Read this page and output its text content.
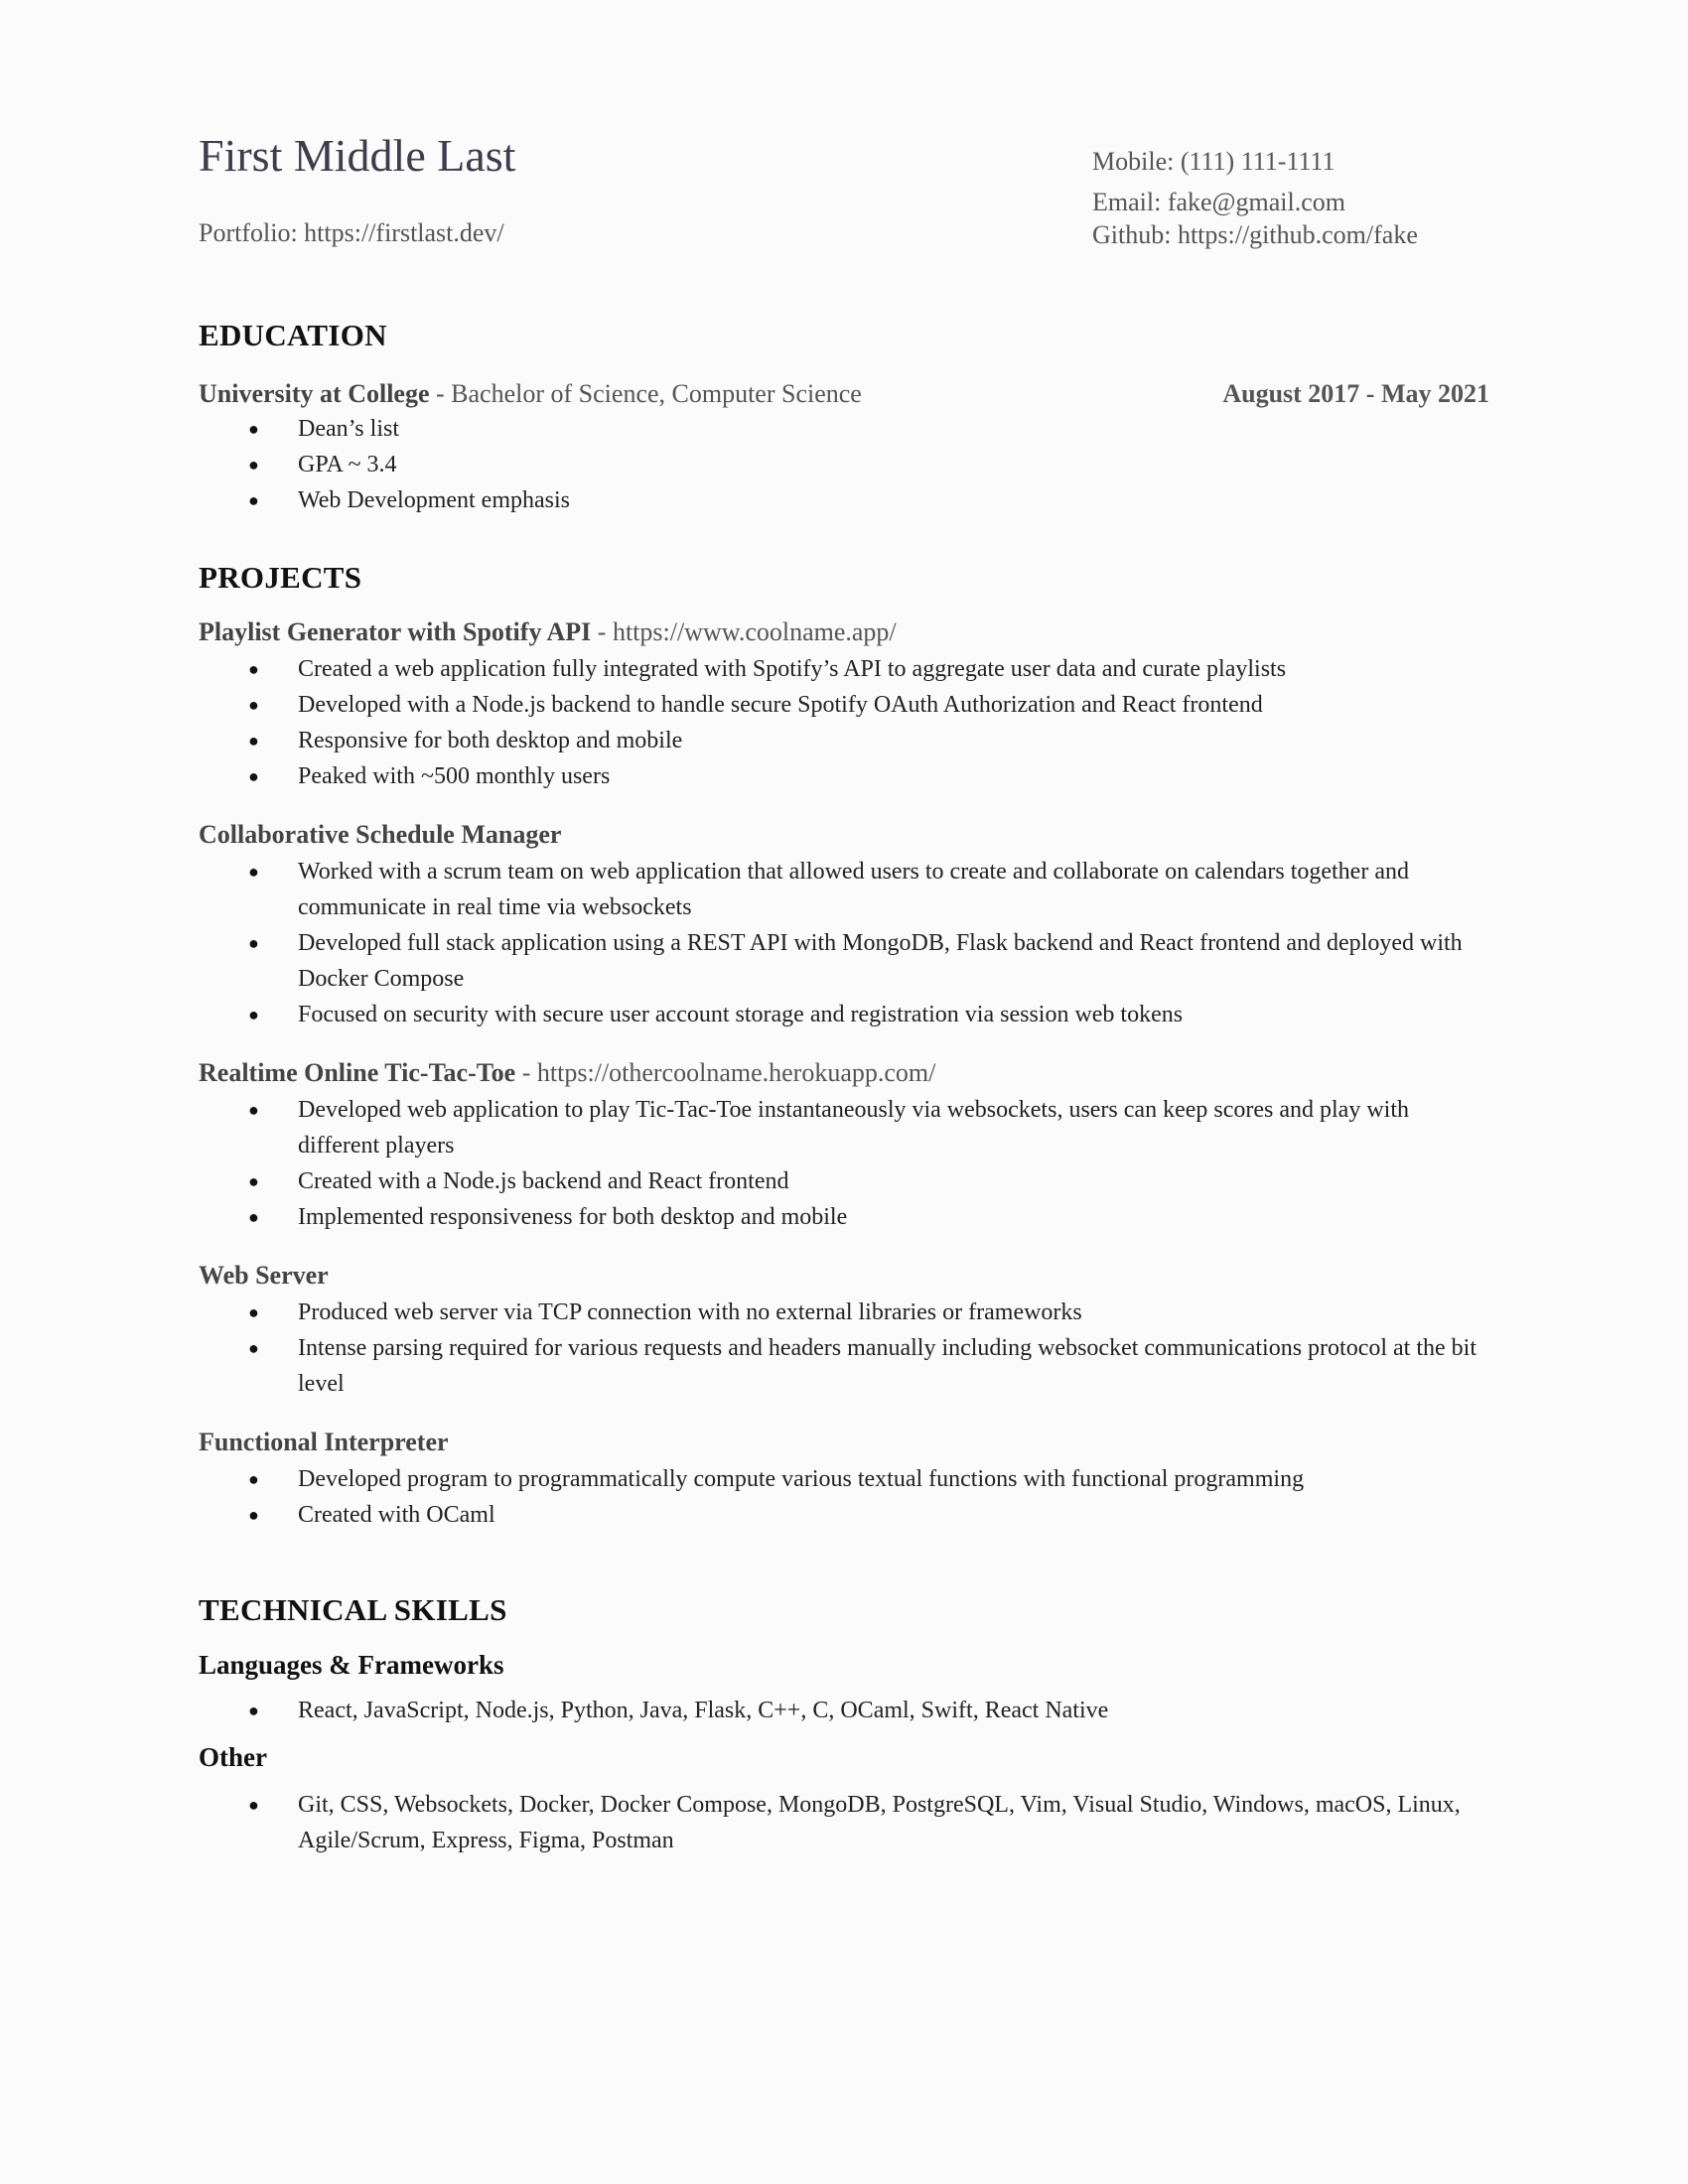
First Middle Last
Portfolio: https://firstlast.dev/
Mobile: (111) 111-1111
Email: fake@gmail.com
Github: https://github.com/fake
EDUCATION
University at College - Bachelor of Science, Computer Science	August 2017 - May 2021
● Dean’s list
● GPA ~ 3.4
● Web Development emphasis
PROJECTS
Playlist Generator with Spotify API - https://www.coolname.app/
● Created a web application fully integrated with Spotify’s API to aggregate user data and curate playlists
● Developed with a Node.js backend to handle secure Spotify OAuth Authorization and React frontend
● Responsive for both desktop and mobile
● Peaked with ~500 monthly users
Collaborative Schedule Manager
● Worked with a scrum team on web application that allowed users to create and collaborate on calendars together and communicate in real time via websockets
● Developed full stack application using a REST API with MongoDB, Flask backend and React frontend and deployed with Docker Compose
● Focused on security with secure user account storage and registration via session web tokens
Realtime Online Tic-Tac-Toe - https://othercoolname.herokuapp.com/
● Developed web application to play Tic-Tac-Toe instantaneously via websockets, users can keep scores and play with different players
● Created with a Node.js backend and React frontend
● Implemented responsiveness for both desktop and mobile
Web Server
● Produced web server via TCP connection with no external libraries or frameworks
● Intense parsing required for various requests and headers manually including websocket communications protocol at the bit level
Functional Interpreter
● Developed program to programmatically compute various textual functions with functional programming
● Created with OCaml
TECHNICAL SKILLS
Languages & Frameworks
● React, JavaScript, Node.js, Python, Java, Flask, C++, C, OCaml, Swift, React Native
Other
● Git, CSS, Websockets, Docker, Docker Compose, MongoDB, PostgreSQL, Vim, Visual Studio, Windows, macOS, Linux, Agile/Scrum, Express, Figma, Postman
